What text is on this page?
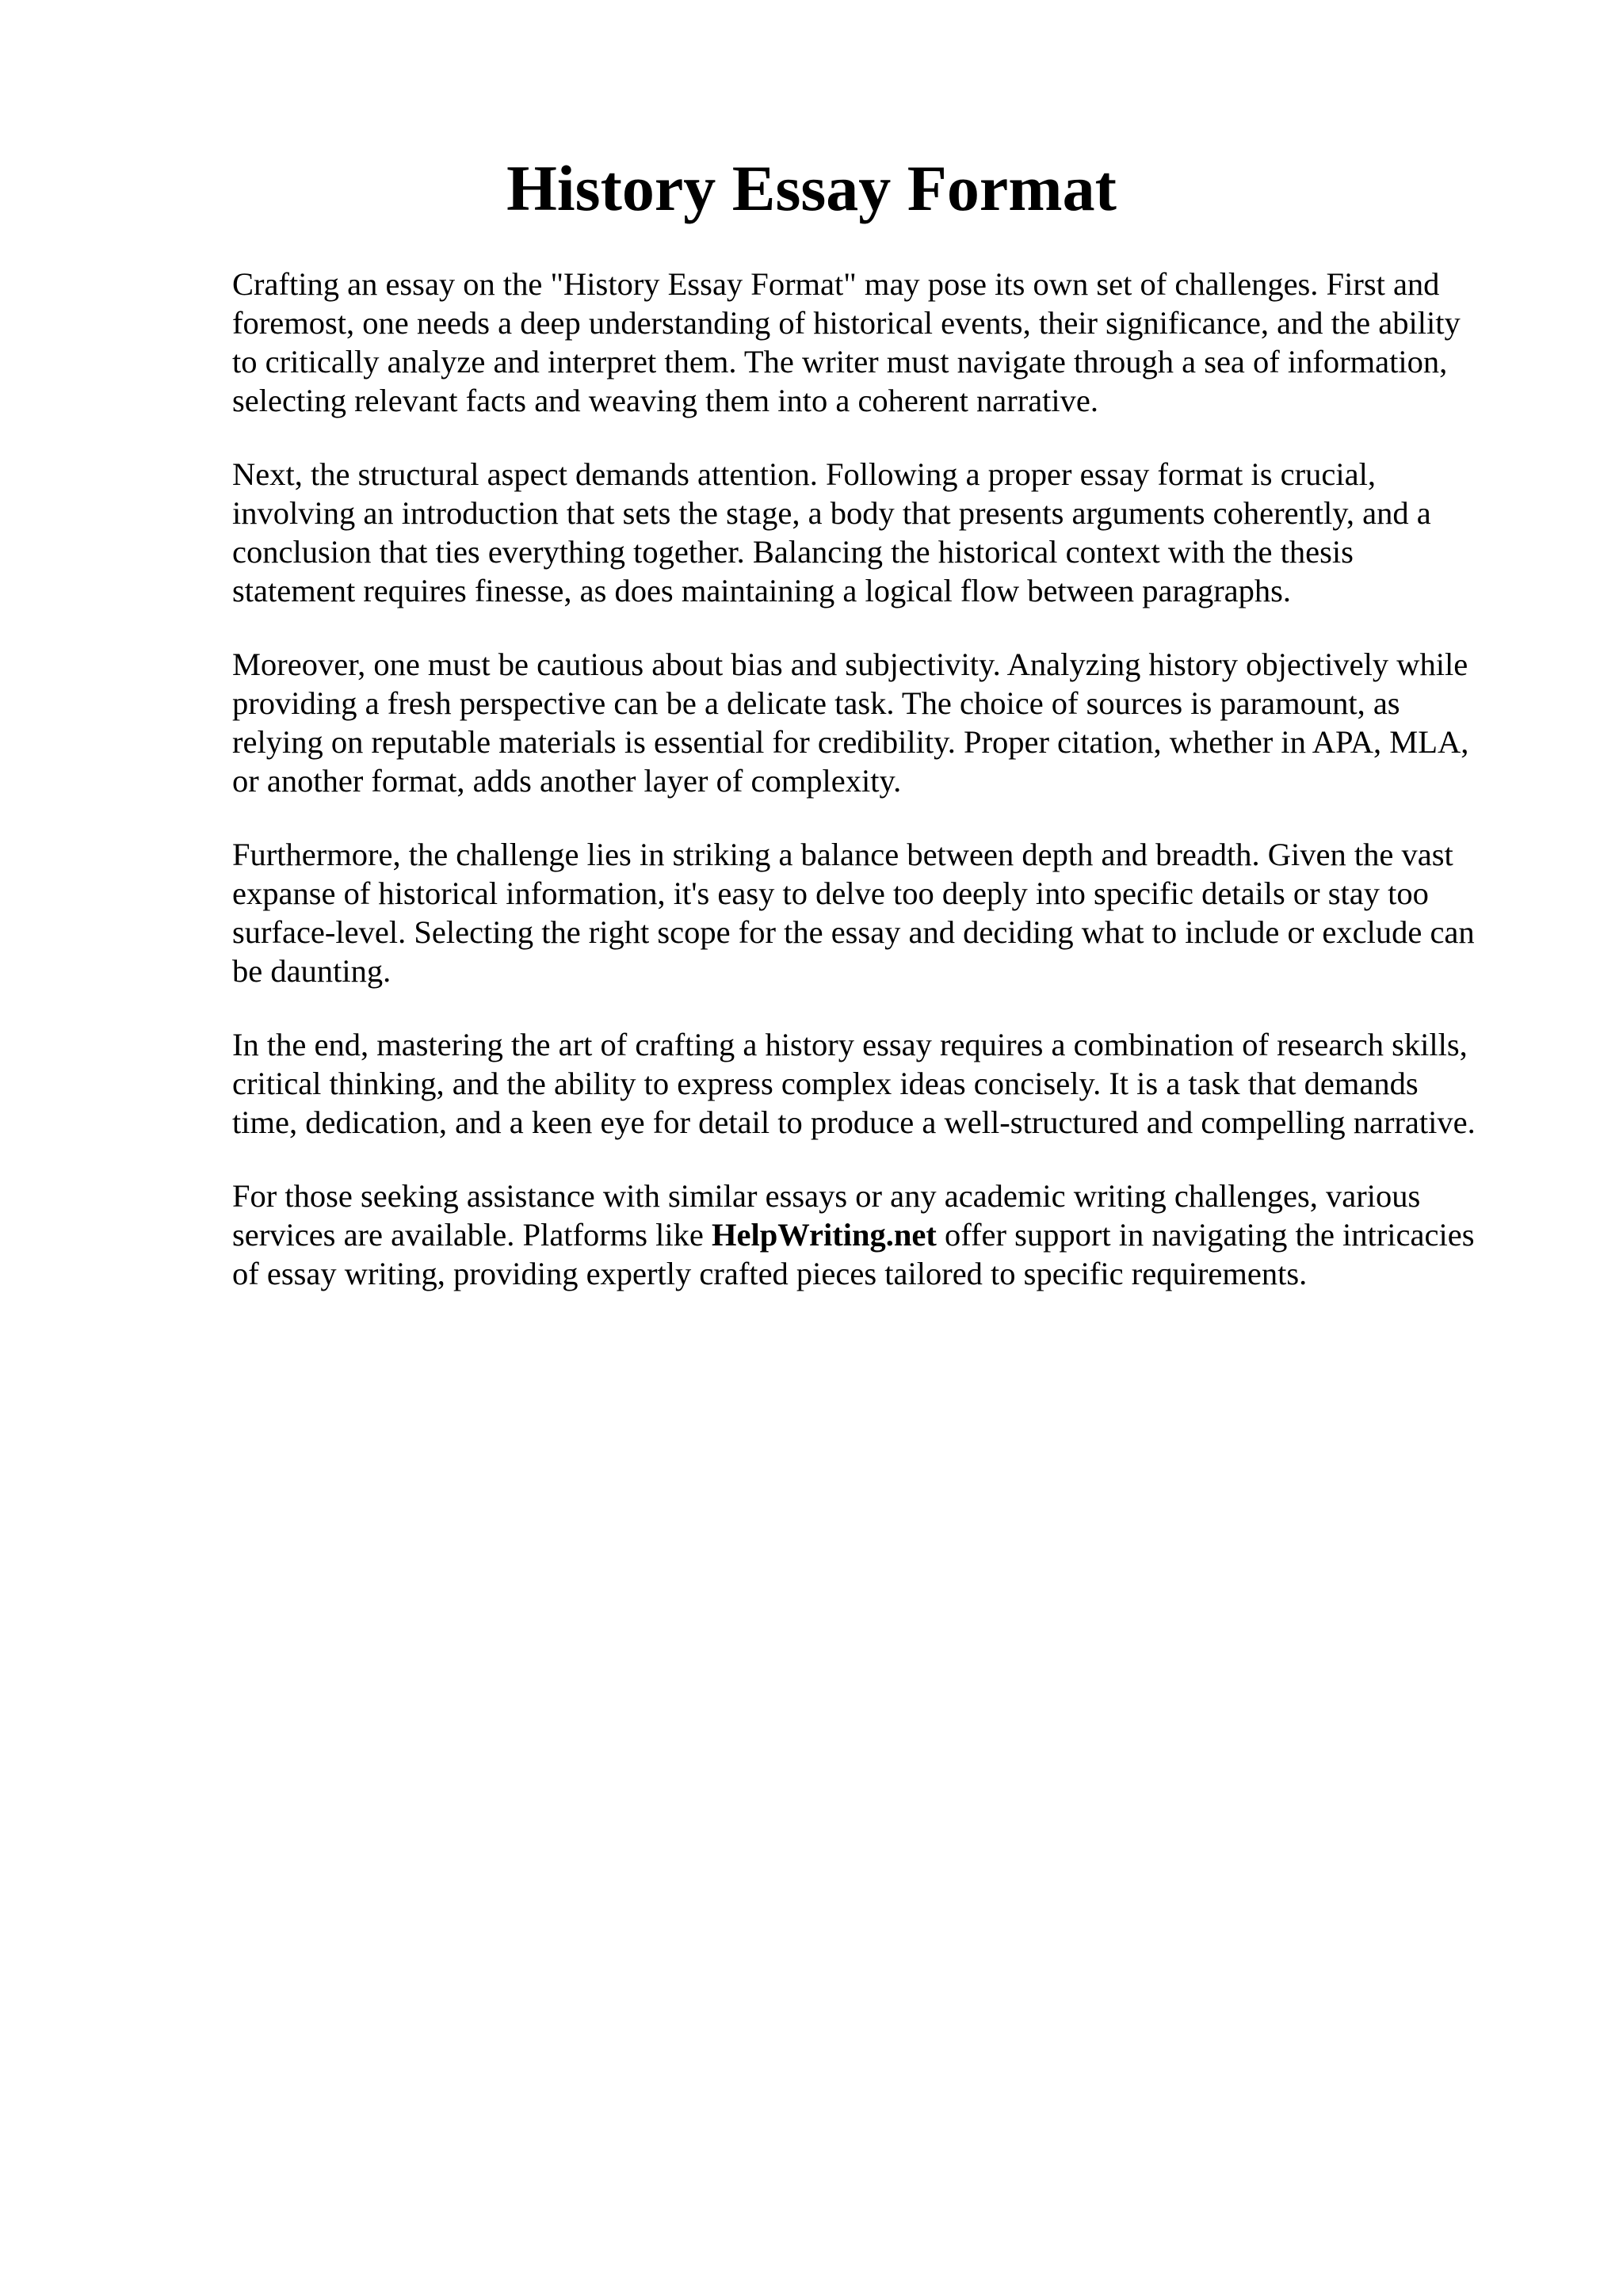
History Essay Format

Crafting an essay on the "History Essay Format" may pose its own set of challenges. First and
foremost, one needs a deep understanding of historical events, their significance, and the ability
to critically analyze and interpret them. The writer must navigate through a sea of information,
selecting relevant facts and weaving them into a coherent narrative.

Next, the structural aspect demands attention. Following a proper essay format is crucial,
involving an introduction that sets the stage, a body that presents arguments coherently, and a
conclusion that ties everything together. Balancing the historical context with the thesis
statement requires finesse, as does maintaining a logical flow between paragraphs.

Moreover, one must be cautious about bias and subjectivity. Analyzing history objectively while
providing a fresh perspective can be a delicate task. The choice of sources is paramount, as
relying on reputable materials is essential for credibility. Proper citation, whether in APA, MLA,
or another format, adds another layer of complexity.

Furthermore, the challenge lies in striking a balance between depth and breadth. Given the vast
expanse of historical information, it's easy to delve too deeply into specific details or stay too
surface-level. Selecting the right scope for the essay and deciding what to include or exclude can
be daunting.

In the end, mastering the art of crafting a history essay requires a combination of research skills,
critical thinking, and the ability to express complex ideas concisely. It is a task that demands
time, dedication, and a keen eye for detail to produce a well-structured and compelling narrative.

For those seeking assistance with similar essays or any academic writing challenges, various
services are available. Platforms like HelpWriting.net offer support in navigating the intricacies
of essay writing, providing expertly crafted pieces tailored to specific requirements.
